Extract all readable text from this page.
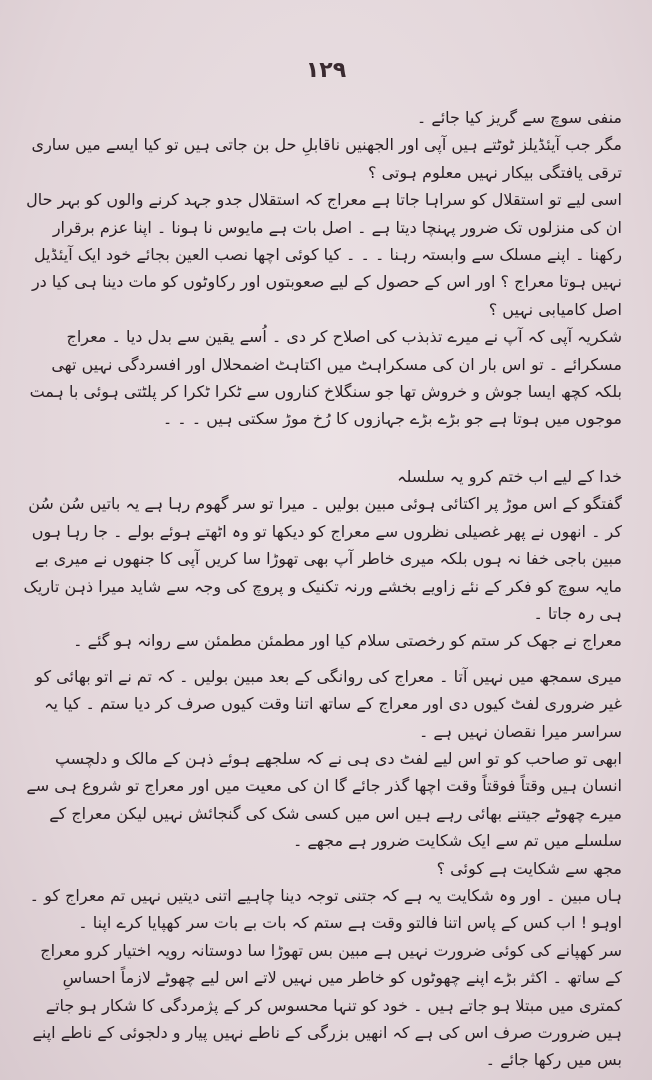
۱۲۹

منفی سوچ سے گریز کیا جائے ۔

مگر جب آیئڈیلز ٹوٹتے ہیں آپی اور الجھنیں ناقابلِ حل بن جاتی ہیں تو کیا ایسے میں ساری ترقی یافتگی بیکار نہیں معلوم ہوتی ؟

اسی لیے تو استقلال کو سراہا جاتا ہے معراج کہ استقلال جدو جہد کرنے والوں کو بہر حال ان کی منزلوں تک ضرور پہنچا دیتا ہے ۔ اصل بات ہے مایوس نا ہونا ۔ اپنا عزم برقرار رکھنا ۔ اپنے مسلک سے وابستہ رہنا ۔ ۔ ۔ کیا کوئی اچھا نصب العین بجائے خود ایک آیئڈیل نہیں ہوتا معراج ؟ اور اس کے حصول کے لیے صعوبتوں اور رکاوٹوں کو مات دینا ہی کیا در اصل کامیابی نہیں ؟

شکریہ آپی کہ آپ نے میرے تذبذب کی اصلاح کر دی ۔ اُسے یقین سے بدل دیا ۔ معراج مسکرائے ۔ تو اس بار ان کی مسکراہٹ میں اکتاہٹ اضمحلال اور افسردگی نہیں تھی بلکہ کچھ ایسا جوش و خروش تھا جو سنگلاخ کناروں سے ٹکرا ٹکرا کر پلٹتی ہوئی با ہمت موجوں میں ہوتا ہے جو بڑے بڑے جہازوں کا رُخ موڑ سکتی ہیں ۔ ۔ ۔

خدا کے لیے اب ختم کرو یہ سلسلہ

گفتگو کے اس موڑ پر اکتائی ہوئی مبین بولیں ۔ میرا تو سر گھوم رہا ہے یہ باتیں سُن سُن کر ۔ انھوں نے پھر غصیلی نظروں سے معراج کو دیکھا تو وہ اٹھتے ہوئے بولے ۔ جا رہا ہوں مبین باجی خفا نہ ہوں بلکہ میری خاطر آپ بھی تھوڑا سا کریں آپی کا جنھوں نے میری بے مایہ سوچ کو فکر کے نئے زاویے بخشے ورنہ تکنیک و پروچ کی وجہ سے شاید میرا ذہن تاریک ہی رہ جاتا ۔

معراج نے جھک کر ستم کو رخصتی سلام کیا اور مطمئن مطمئن سے روانہ ہو گئے ۔

میری سمجھ میں نہیں آتا ۔ معراج کی روانگی کے بعد مبین بولیں ۔ کہ تم نے اتو بھائی کو غیر ضروری لفٹ کیوں دی اور معراج کے ساتھ اتنا وقت کیوں صرف کر دیا ستم ۔ کیا یہ سراسر میرا نقصان نہیں ہے ۔

ابھی تو صاحب کو تو اس لیے لفٹ دی ہی نے کہ سلجھے ہوئے ذہن کے مالک و دلچسپ انسان ہیں وقتاً فوقتاً وقت اچھا گذر جائے گا ان کی معیت میں اور معراج تو شروع ہی سے میرے چھوٹے جیتنے بھائی رہے ہیں اس میں کسی شک کی گنجائش نہیں لیکن معراج کے سلسلے میں تم سے ایک شکایت ضرور ہے مجھے ۔

مجھ سے شکایت ہے کوئی ؟

ہاں مبین ۔ اور وہ شکایت یہ ہے کہ جتنی توجہ دینا چاہیے اتنی دیتیں نہیں تم معراج کو ۔

اوہو ! اب کس کے پاس اتنا فالتو وقت ہے ستم کہ بات بے بات سر کھپایا کرے اپنا ۔

سر کھپانے کی کوئی ضرورت نہیں ہے مبین بس تھوڑا سا دوستانہ رویہ اختیار کرو معراج کے ساتھ ۔ اکثر بڑے اپنے چھوٹوں کو خاطر میں نہیں لاتے اس لیے چھوٹے لازماً احساسِ کمتری میں مبتلا ہو جاتے ہیں ۔ خود کو تنہا محسوس کر کے پژمردگی کا شکار ہو جاتے ہیں ضرورت صرف اس کی ہے کہ انھیں بزرگی کے ناطے نہیں پیار و دلجوئی کے ناطے اپنے بس میں رکھا جائے ۔
